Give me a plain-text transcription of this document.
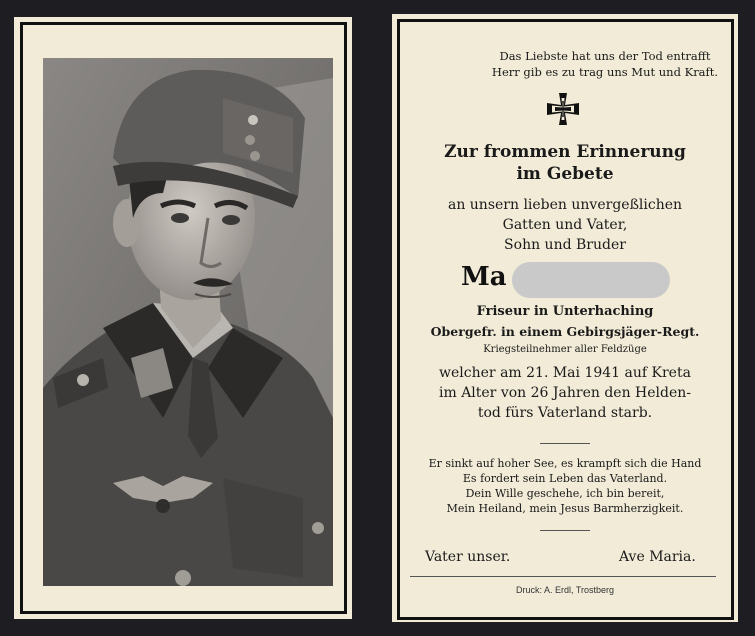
Das Liebste hat uns der Tod entrafft
Herr gib es zu trag uns Mut und Kraft.
Zur frommen Erinnerung
im Gebete
an unsern lieben unvergeßlichen
Gatten und Vater,
Sohn und Bruder
Ma
Friseur in Unterhaching
Obergefr. in einem Gebirgsjäger-Regt.
Kriegsteilnehmer aller Feldzüge
welcher am 21. Mai 1941 auf Kreta
im Alter von 26 Jahren den Helden-
tod fürs Vaterland starb.
Er sinkt auf hoher See, es krampft sich die Hand
Es fordert sein Leben das Vaterland.
Dein Wille geschehe, ich bin bereit,
Mein Heiland, mein Jesus Barmherzigkeit.
Vater unser.	Ave Maria.
Druck: A. Erdl, Trostberg
